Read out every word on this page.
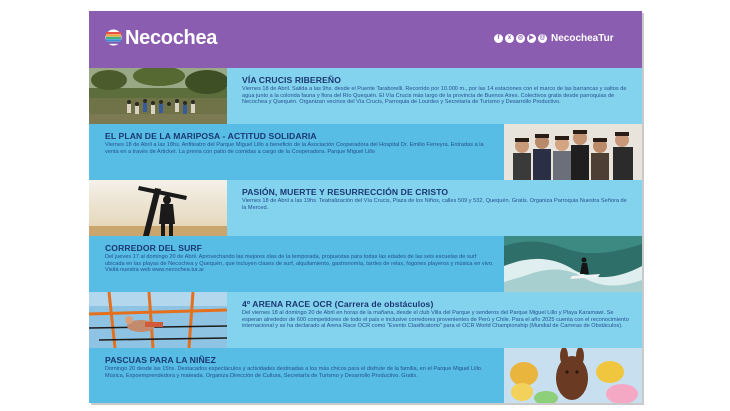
Necochea	f	x	◎	▶ @ NecocheaTur
VÍA CRUCIS RIBEREÑO
Viernes 18 de Abril. Salida a las 9hs. desde el Puente Taraborelli. Recorrido por 10.000 m., por las 14 estaciones con el marco de las barrancas y saltos de agua junto a la colorida fauna y flora del Río Quequén. El Vía Crucis más largo de la provincia de Buenos Aires. Colectivos gratis desde parroquias de Necochea y Quequén. Organizan vecinos del Vía Crucis, Parroquia de Lourdes y Secretaría de Turismo y Desarrollo Productivo.
EL PLAN DE LA MARIPOSA - ACTITUD SOLIDARIA
Viernes 18 de Abril a las 18hs. Anfiteatro del Parque Miguel Lillo a beneficio de la Asociación Cooperadora del Hospital Dr. Emilio Ferreyra. Entradas a la venta en a través de Articket. La previa con patio de comidas a cargo de la Cooperadora. Parque Miguel Lillo
PASIÓN, MUERTE Y RESURRECCIÓN DE CRISTO
Viernes 18 de Abril a las 19hs. Teatralización del Vía Crucis, Plaza de los Niños, calles 509 y 532, Quequén. Gratis. Organiza Parroquia Nuestra Señora de la Merced.
CORREDOR DEL SURF
Del jueves 17 al domingo 20 de Abril. Aprovechando las mejores olas de la temporada, propuestas para todas las edades de las seis escuelas de surf ubicada en las playas de Necochea y Quequén, que incluyen clases de surf, alquilamiento, gastronomía, tardes de relax, fogones playeros y música en vivo. Visitá nuestra web www.necochea.tur.ar
4º ARENA RACE OCR (Carrera de obstáculos)
Del viernes 18 al domingo 20 de Abril en horas de la mañana, desde el club Villa del Parque y senderos del Parque Miguel Lillo y Playa Karamawi. Se esperan alrededor de 600 competidores de todo el país e inclusive corredores provenientes de Perú y Chile. Para el año 2025 cuenta con el reconocimiento internacional y se ha declarado al Arena Race OCR como "Evento Clasificatorio" para el OCR World Championship (Mundial de Carreras de Obstáculos).
PASCUAS PARA LA NIÑEZ
Domingo 20 desde las 15hs. Destacados espectáculos y actividades destinadas a los más chicos para el disfrute de la familia, en el Parque Miguel Lillo. Música, Expoemprendedora y mateada. Organiza Dirección de Cultura, Secretaría de Turismo y Desarrollo Productivo. Gratis.
